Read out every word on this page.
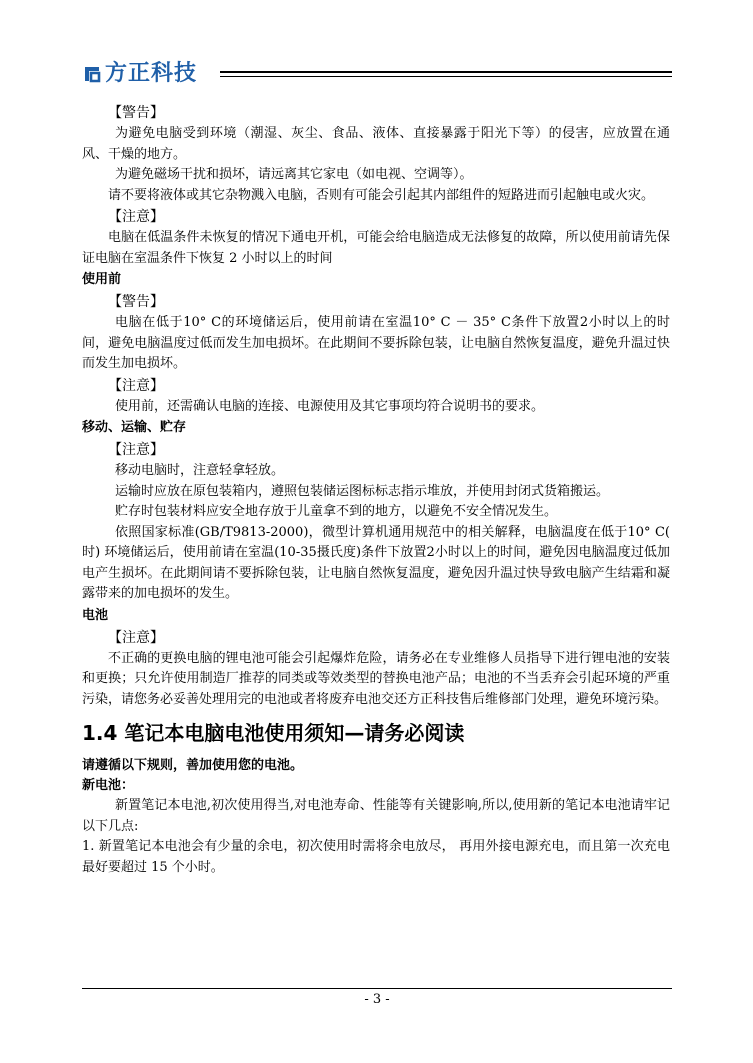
方正科技

【警告】

为避免电脑受到环境（潮湿、灰尘、食品、液体、直接暴露于阳光下等）的侵害，应放置在通风、干燥的地方。

为避免磁场干扰和损坏，请远离其它家电（如电视、空调等）。

请不要将液体或其它杂物溅入电脑，否则有可能会引起其内部组件的短路进而引起触电或火灾。

【注意】

电脑在低温条件未恢复的情况下通电开机，可能会给电脑造成无法修复的故障，所以使用前请先保证电脑在室温条件下恢复 2 小时以上的时间

使用前

【警告】

电脑在低于10° C的环境储运后，使用前请在室温10° C － 35° C条件下放置2小时以上的时间，避免电脑温度过低而发生加电损坏。在此期间不要拆除包装，让电脑自然恢复温度，避免升温过快而发生加电损坏。

【注意】

使用前，还需确认电脑的连接、电源使用及其它事项均符合说明书的要求。

移动、运输、贮存

【注意】

移动电脑时，注意轻拿轻放。

运输时应放在原包装箱内，遵照包装储运图标标志指示堆放，并使用封闭式货箱搬运。

贮存时包装材料应安全地存放于儿童拿不到的地方，以避免不安全情况发生。

依照国家标准(GB/T9813-2000)，微型计算机通用规范中的相关解释，电脑温度在低于10° C( 时) 环境储运后，使用前请在室温(10-35摄氏度)条件下放置2小时以上的时间，避免因电脑温度过低加电产生损坏。在此期间请不要拆除包装，让电脑自然恢复温度，避免因升温过快导致电脑产生结霜和凝露带来的加电损坏的发生。

电池

【注意】

不正确的更换电脑的锂电池可能会引起爆炸危险，请务必在专业维修人员指导下进行锂电池的安装和更换；只允许使用制造厂推荐的同类或等效类型的替换电池产品；电池的不当丢弃会引起环境的严重污染，请您务必妥善处理用完的电池或者将废弃电池交还方正科技售后维修部门处理，避免环境污染。

1.4 笔记本电脑电池使用须知—请务必阅读

请遵循以下规则，善加使用您的电池。

新电池：

新置笔记本电池,初次使用得当,对电池寿命、性能等有关键影响,所以,使用新的笔记本电池请牢记以下几点:

1. 新置笔记本电池会有少量的余电，初次使用时需将余电放尽， 再用外接电源充电，而且第一次充电最好要超过 15 个小时。

- 3 -
